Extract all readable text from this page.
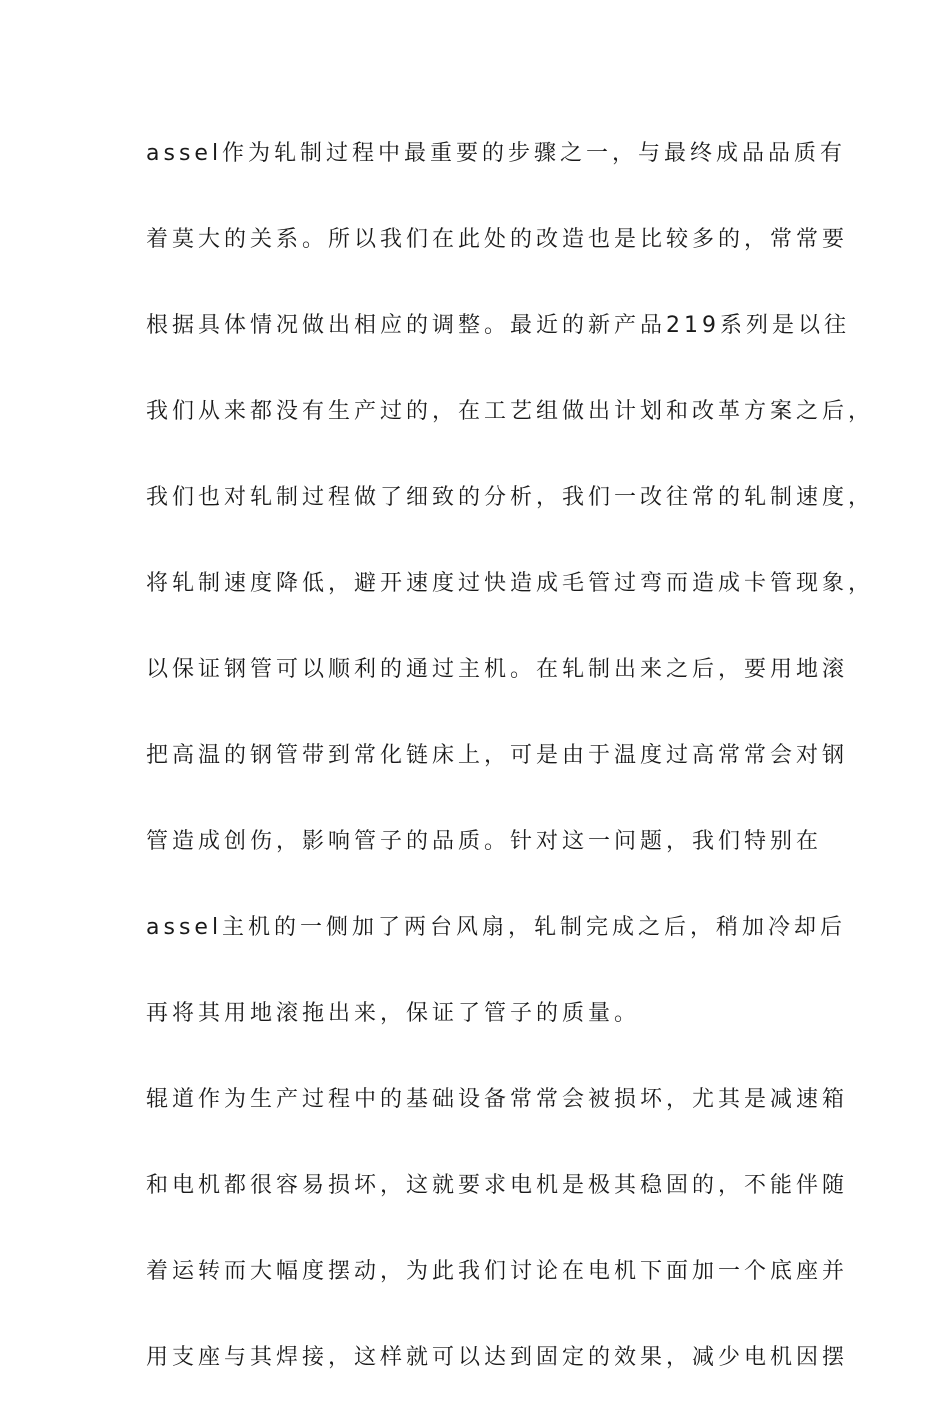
assel作为轧制过程中最重要的步骤之一，与最终成品品质有
着莫大的关系。所以我们在此处的改造也是比较多的，常常要
根据具体情况做出相应的调整。最近的新产品219系列是以往
我们从来都没有生产过的，在工艺组做出计划和改革方案之后，
我们也对轧制过程做了细致的分析，我们一改往常的轧制速度，
将轧制速度降低，避开速度过快造成毛管过弯而造成卡管现象，
以保证钢管可以顺利的通过主机。在轧制出来之后，要用地滚
把高温的钢管带到常化链床上，可是由于温度过高常常会对钢
管造成创伤，影响管子的品质。针对这一问题，我们特别在
assel主机的一侧加了两台风扇，轧制完成之后，稍加冷却后
再将其用地滚拖出来，保证了管子的质量。
辊道作为生产过程中的基础设备常常会被损坏，尤其是减速箱
和电机都很容易损坏，这就要求电机是极其稳固的，不能伴随
着运转而大幅度摆动，为此我们讨论在电机下面加一个底座并
用支座与其焊接，这样就可以达到固定的效果，减少电机因摆
